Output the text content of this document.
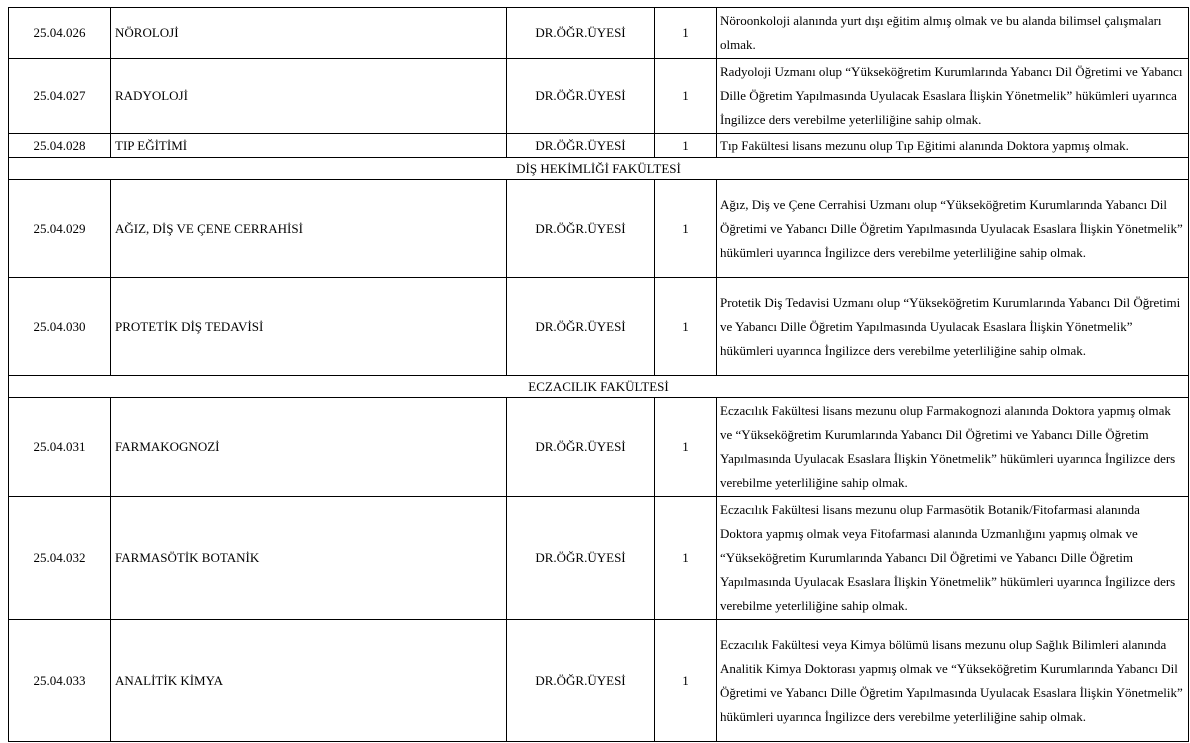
25.04.026	NÖROLOJİ	DR.ÖĞR.ÜYESİ	1	Nöroonkoloji alanında yurt dışı eğitim almış olmak ve bu alanda bilimsel çalışmaları olmak.
25.04.027	RADYOLOJİ	DR.ÖĞR.ÜYESİ	1	Radyoloji Uzmanı olup “Yükseköğretim Kurumlarında Yabancı Dil Öğretimi ve Yabancı Dille Öğretim Yapılmasında Uyulacak Esaslara İlişkin Yönetmelik” hükümleri uyarınca İngilizce ders verebilme yeterliliğine sahip olmak.
25.04.028	TIP EĞİTİMİ	DR.ÖĞR.ÜYESİ	1	Tıp Fakültesi lisans mezunu olup Tıp Eğitimi alanında Doktora yapmış olmak.
DİŞ HEKİMLİĞİ FAKÜLTESİ				
25.04.029	AĞIZ, DİŞ VE ÇENE CERRAHİSİ	DR.ÖĞR.ÜYESİ	1	Ağız, Diş ve Çene Cerrahisi Uzmanı olup “Yükseköğretim Kurumlarında Yabancı Dil Öğretimi ve Yabancı Dille Öğretim Yapılmasında Uyulacak Esaslara İlişkin Yönetmelik” hükümleri uyarınca İngilizce ders verebilme yeterliliğine sahip olmak.
25.04.030	PROTETİK DİŞ TEDAVİSİ	DR.ÖĞR.ÜYESİ	1	Protetik Diş Tedavisi Uzmanı olup “Yükseköğretim Kurumlarında Yabancı Dil Öğretimi ve Yabancı Dille Öğretim Yapılmasında Uyulacak Esaslara İlişkin Yönetmelik” hükümleri uyarınca İngilizce ders verebilme yeterliliğine sahip olmak.
ECZACILIK FAKÜLTESİ				
25.04.031	FARMAKOGNOZİ	DR.ÖĞR.ÜYESİ	1	Eczacılık Fakültesi lisans mezunu olup Farmakognozi alanında Doktora yapmış olmak ve “Yükseköğretim Kurumlarında Yabancı Dil Öğretimi ve Yabancı Dille Öğretim Yapılmasında Uyulacak Esaslara İlişkin Yönetmelik” hükümleri uyarınca İngilizce ders verebilme yeterliliğine sahip olmak.
25.04.032	FARMASÖTİK BOTANİK	DR.ÖĞR.ÜYESİ	1	Eczacılık Fakültesi lisans mezunu olup Farmasötik Botanik/Fitofarmasi alanında Doktora yapmış olmak veya Fitofarmasi alanında Uzmanlığını yapmış olmak ve “Yükseköğretim Kurumlarında Yabancı Dil Öğretimi ve Yabancı Dille Öğretim Yapılmasında Uyulacak Esaslara İlişkin Yönetmelik” hükümleri uyarınca İngilizce ders verebilme yeterliliğine sahip olmak.
25.04.033	ANALİTİK KİMYA	DR.ÖĞR.ÜYESİ	1	Eczacılık Fakültesi veya Kimya bölümü lisans mezunu olup Sağlık Bilimleri alanında Analitik Kimya Doktorası yapmış olmak ve “Yükseköğretim Kurumlarında Yabancı Dil Öğretimi ve Yabancı Dille Öğretim Yapılmasında Uyulacak Esaslara İlişkin Yönetmelik” hükümleri uyarınca İngilizce ders verebilme yeterliliğine sahip olmak.
